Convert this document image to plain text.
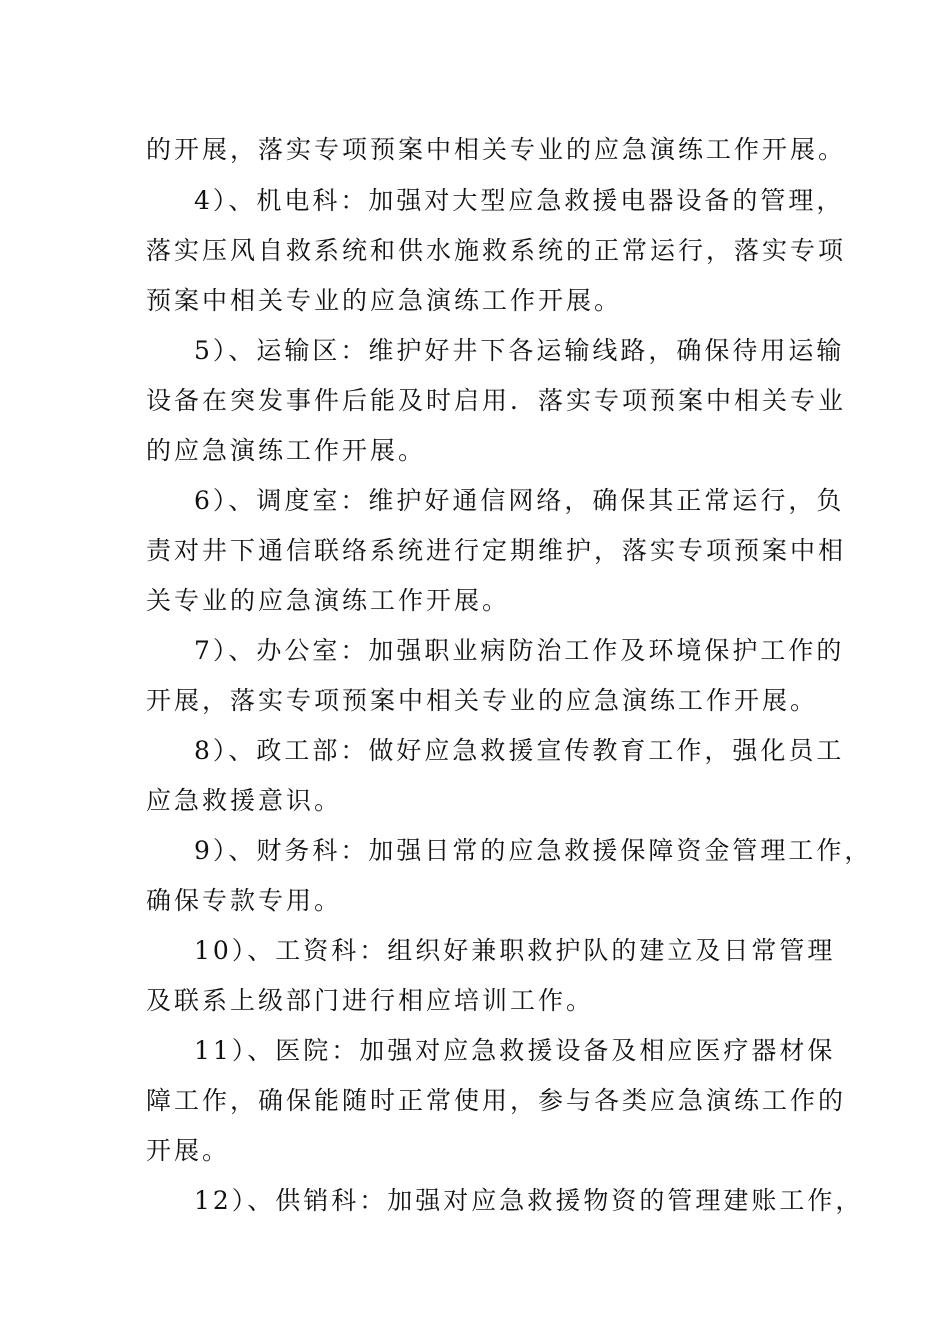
的开展，落实专项预案中相关专业的应急演练工作开展。
4）、机电科：加强对大型应急救援电器设备的管理，
落实压风自救系统和供水施救系统的正常运行，落实专项
预案中相关专业的应急演练工作开展。
5）、运输区：维护好井下各运输线路，确保待用运输
设备在突发事件后能及时启用．落实专项预案中相关专业
的应急演练工作开展。
6）、调度室：维护好通信网络，确保其正常运行，负
责对井下通信联络系统进行定期维护，落实专项预案中相
关专业的应急演练工作开展。
7）、办公室：加强职业病防治工作及环境保护工作的
开展，落实专项预案中相关专业的应急演练工作开展。
8）、政工部：做好应急救援宣传教育工作，强化员工
应急救援意识。
9）、财务科：加强日常的应急救援保障资金管理工作，
确保专款专用。
10）、工资科：组织好兼职救护队的建立及日常管理
及联系上级部门进行相应培训工作。
11）、医院：加强对应急救援设备及相应医疗器材保
障工作，确保能随时正常使用，参与各类应急演练工作的
开展。
12）、供销科：加强对应急救援物资的管理建账工作，
